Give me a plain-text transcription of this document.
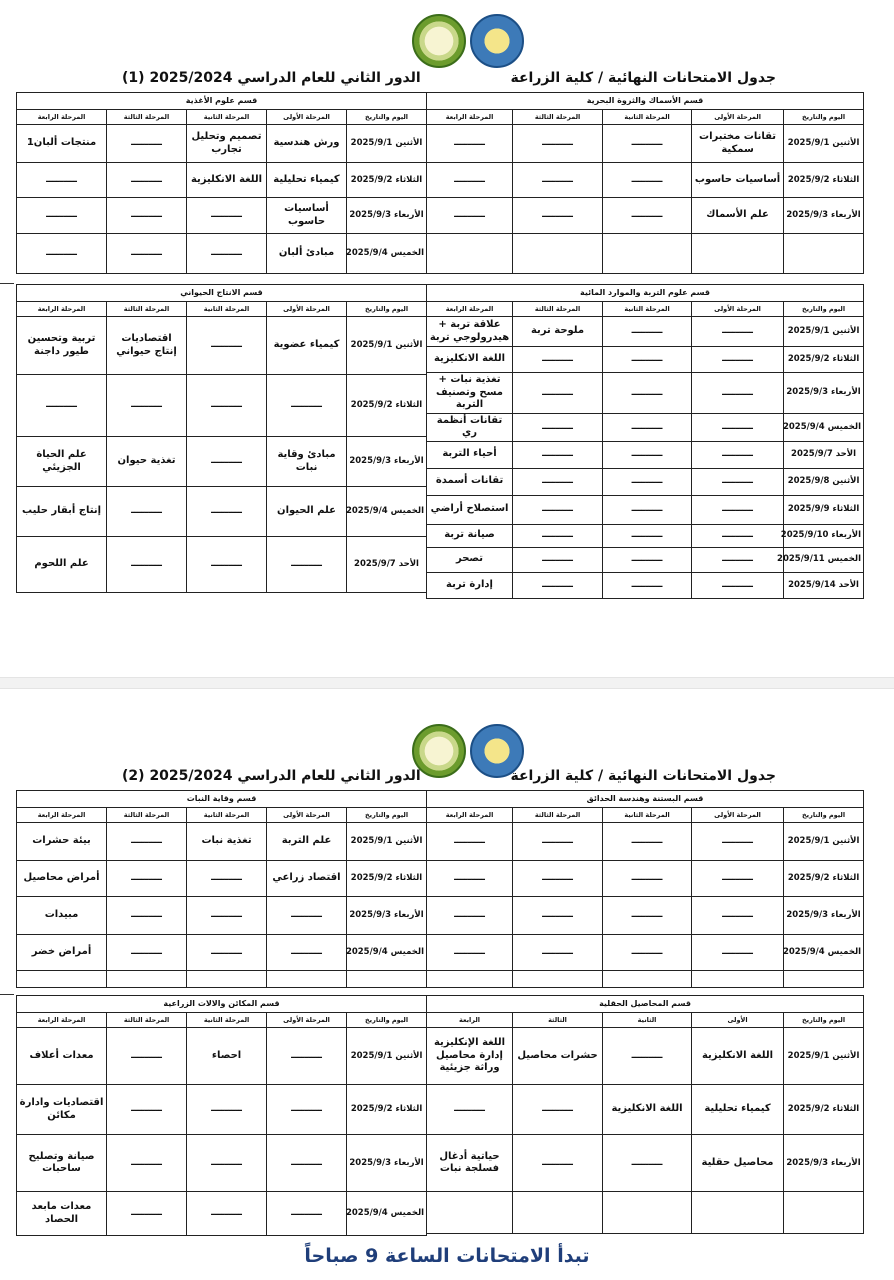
جدول الامتحانات النهائية / كلية الزراعة
الدور الثاني للعام الدراسي 2025/2024 (1)
قسم الأسماك والثروة البحرية				
اليوم والتاريخ	المرحلة الأولى	المرحلة الثانية	المرحلة الثالثة	المرحلة الرابعة
الأثنين 2025/9/1	تقانات مختبرات سمكية	ـــــــــ	ـــــــــ	ـــــــــ
الثلاثاء 2025/9/2	أساسيات حاسوب	ـــــــــ	ـــــــــ	ـــــــــ
الأربعاء 2025/9/3	علم الأسماك	ـــــــــ	ـــــــــ	ـــــــــ

قسم علوم التربة والموارد المائية				
اليوم والتاريخ	المرحلة الأولى	المرحلة الثانية	المرحلة الثالثة	المرحلة الرابعة
الأثنين 2025/9/1	ـــــــــ	ـــــــــ	ملوحة تربة	علاقة تربة + هيدرولوجي تربة
الثلاثاء 2025/9/2	ـــــــــ	ـــــــــ	ـــــــــ	اللغة الانكليزية
الأربعاء 2025/9/3	ـــــــــ	ـــــــــ	ـــــــــ	تغذية نبات + مسح وتصنيف التربة
الخميس 2025/9/4	ـــــــــ	ـــــــــ	ـــــــــ	تقانات أنظمة ري
الأحد 2025/9/7	ـــــــــ	ـــــــــ	ـــــــــ	أحياء التربة
الأثنين 2025/9/8	ـــــــــ	ـــــــــ	ـــــــــ	تقانات أسمدة
الثلاثاء 2025/9/9	ـــــــــ	ـــــــــ	ـــــــــ	استصلاح أراضي
الأربعاء 2025/9/10	ـــــــــ	ـــــــــ	ـــــــــ	صيانة تربة
الخميس 2025/9/11	ـــــــــ	ـــــــــ	ـــــــــ	تصحر
الأحد 2025/9/14	ـــــــــ	ـــــــــ	ـــــــــ	إدارة تربة
قسم علوم الأغذية				
اليوم والتاريخ	المرحلة الأولى	المرحلة الثانية	المرحلة الثالثة	المرحلة الرابعة
الأثنين 2025/9/1	ورش هندسية	تصميم وتحليل تجارب	ـــــــــ	منتجات ألبان1
الثلاثاء 2025/9/2	كيمياء تحليلية	اللغة الانكليزية	ـــــــــ	ـــــــــ
الأربعاء 2025/9/3	أساسيات حاسوب	ـــــــــ	ـــــــــ	ـــــــــ
الخميس 2025/9/4	مبادئ ألبان	ـــــــــ	ـــــــــ	ـــــــــ
قسم الانتاج الحيواني				
اليوم والتاريخ	المرحلة الأولى	المرحلة الثانية	المرحلة الثالثة	المرحلة الرابعة
الأثنين 2025/9/1	كيمياء عضوية	ـــــــــ	اقتصاديات إنتاج حيواني	تربية وتحسين طيور داجنة
الثلاثاء 2025/9/2	ـــــــــ	ـــــــــ	ـــــــــ	ـــــــــ
الأربعاء 2025/9/3	مبادئ وقاية نبات	ـــــــــ	تغذية حيوان	علم الحياة الجزيئي
الخميس 2025/9/4	علم الحيوان	ـــــــــ	ـــــــــ	إنتاج أبقار حليب
الأحد 2025/9/7	ـــــــــ	ـــــــــ	ـــــــــ	علم اللحوم
جدول الامتحانات النهائية / كلية الزراعة
الدور الثاني للعام الدراسي 2025/2024 (2)
قسم البستنة وهندسة الحدائق				
اليوم والتاريخ	المرحلة الأولى	المرحلة الثانية	المرحلة الثالثة	المرحلة الرابعة
الأثنين 2025/9/1	ـــــــــ	ـــــــــ	ـــــــــ	ـــــــــ
الثلاثاء 2025/9/2	ـــــــــ	ـــــــــ	ـــــــــ	ـــــــــ
الأربعاء 2025/9/3	ـــــــــ	ـــــــــ	ـــــــــ	ـــــــــ
الخميس 2025/9/4	ـــــــــ	ـــــــــ	ـــــــــ	ـــــــــ

قسم المحاصيل الحقلية				
اليوم والتاريخ	الأولى	الثانية	الثالثة	الرابعة
الأثنين 2025/9/1	اللغة الانكليزية	ـــــــــ	حشرات محاصيل	اللغة الإنكليزية إدارة محاصيل وراثة جزيئية
الثلاثاء 2025/9/2	كيمياء تحليلية	اللغة الانكليزية	ـــــــــ	ـــــــــ
الأربعاء 2025/9/3	محاصيل حقلية	ـــــــــ	ـــــــــ	حياتية أدغال فسلجة نبات

قسم وقاية النبات				
اليوم والتاريخ	المرحلة الأولى	المرحلة الثانية	المرحلة الثالثة	المرحلة الرابعة
الأثنين 2025/9/1	علم التربة	تغذية نبات	ـــــــــ	بيئة حشرات
الثلاثاء 2025/9/2	اقتصاد زراعي	ـــــــــ	ـــــــــ	أمراض محاصيل
الأربعاء 2025/9/3	ـــــــــ	ـــــــــ	ـــــــــ	مبيدات
الخميس 2025/9/4	ـــــــــ	ـــــــــ	ـــــــــ	أمراض خضر

قسم المكائن والالات الزراعية				
اليوم والتاريخ	المرحلة الأولى	المرحلة الثانية	المرحلة الثالثة	المرحلة الرابعة
الأثنين 2025/9/1	ـــــــــ	احصاء	ـــــــــ	معدات أعلاف
الثلاثاء 2025/9/2	ـــــــــ	ـــــــــ	ـــــــــ	اقتصاديات وادارة مكائن
الأربعاء 2025/9/3	ـــــــــ	ـــــــــ	ـــــــــ	صيانة وتصليح ساحبات
الخميس 2025/9/4	ـــــــــ	ـــــــــ	ـــــــــ	معدات مابعد الحصاد
تبدأ الامتحانات الساعة 9 صباحاً
